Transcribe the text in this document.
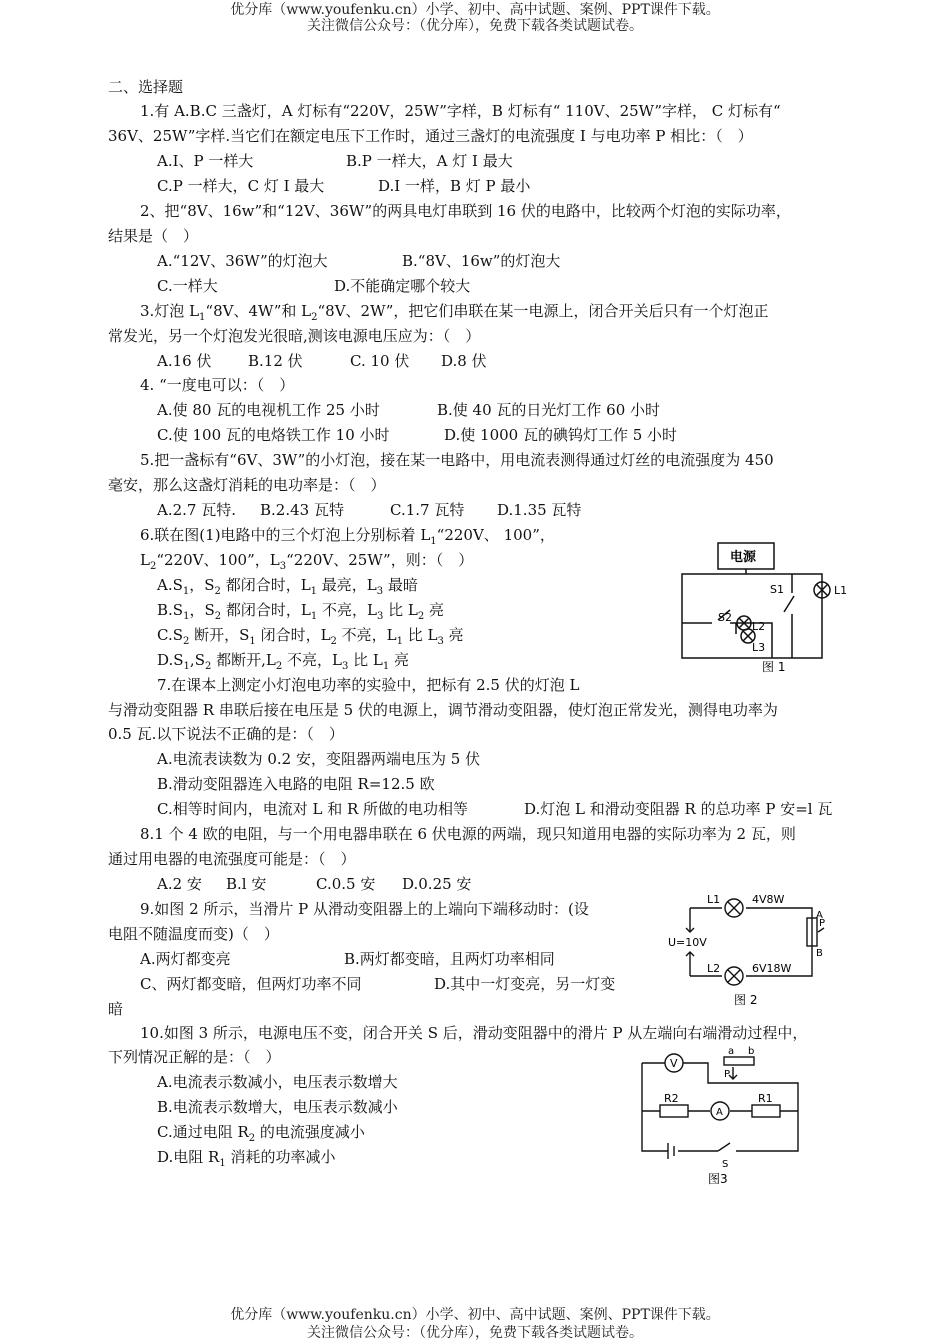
优分库（www.youfenku.cn）小学、初中、高中试题、案例、PPT课件下载。
关注微信公众号：（优分库），免费下载各类试题试卷。
二、选择题
1.有 A.B.C 三盏灯，A 灯标有“220V，25W”字样，B 灯标有“ 110V、25W”字样， C 灯标有“
36V、25W”字样.当它们在额定电压下工作时，通过三盏灯的电流强度 I 与电功率 P 相比：（　）
A.I、P 一样大	B.P 一样大，A 灯 I 最大
C.P 一样大，C 灯 I 最大	D.I 一样，B 灯 P 最小
2、把“8V、16w”和“12V、36W”的两具电灯串联到 16 伏的电路中，比较两个灯泡的实际功率，
结果是（　）
A.“12V、36W”的灯泡大	B.“8V、16w”的灯泡大
C.一样大	D.不能确定哪个较大
3.灯泡 $L_1“8V$、4W”和 $L_2“8V$、2W”，把它们串联在某一电源上，闭合开关后只有一个灯泡正
常发光，另一个灯泡发光很暗,测该电源电压应为：（　）
A.16 伏 B.12 伏	C. 10 伏 D.8 伏
4. “一度电可以：（　）
A.使 80 瓦的电视机工作 25 小时	B.使 40 瓦的日光灯工作 60 小时
C.使 100 瓦的电烙铁工作 10 小时	D.使 1000 瓦的碘钨灯工作 5 小时
5.把一盏标有“6V、3W”的小灯泡，接在某一电路中，用电流表测得通过灯丝的电流强度为 450
毫安，那么这盏灯消耗的电功率是：（　）
A.2.7 瓦特. B.2.43 瓦特	C.1.7 瓦特 D.1.35 瓦特
6.联在图(1)电路中的三个灯泡上分别标着 $L_1“220V$、 100”，
$L_2“220V$、100”，$L_3“220V$、25W”，则：（　）
$A.S_1$，$S_2$ 都闭合时，$L_1$ 最亮，$L_3$ 最暗
$B.S_1$，$S_2$ 都闭合时，$L_1$ 不亮，$L_3$ 比 $L_2$ 亮
$C.S_2$ 断开，$S_1$ 闭合时，$L_2$ 不亮，$L_1$ 比 $L_3$ 亮
$D.S_1,S_2$ 都断开$,L_2$ 不亮，$L_3$ 比 $L_1$ 亮
电源
S1	L1
S2
L2
L3
图 1
7.在课本上测定小灯泡电功率的实验中，把标有 2.5 伏的灯泡 L
与滑动变阻器 R 串联后接在电压是 5 伏的电源上，调节滑动变阻器，使灯泡正常发光，测得电功率为
0.5 瓦.以下说法不正确的是：（　）
A.电流表读数为 0.2 安，变阻器两端电压为 5 伏
B.滑动变阻器连入电路的电阻 R=12.5 欧
C.相等时间内，电流对 L 和 R 所做的电功相等	D.灯泡 L 和滑动变阻器 R 的总功率 P 安=l 瓦
8.1 个 4 欧的电阻，与一个用电器串联在 6 伏电源的两端，现只知道用电器的实际功率为 2 瓦，则
通过用电器的电流强度可能是：（　）
A.2 安 B.l 安	C.0.5 安 D.0.25 安
9.如图 2 所示，当滑片 P 从滑动变阻器上的上端向下端移动时：(设
电阻不随温度而变)（　）
A.两灯都变亮	B.两灯都变暗，且两灯功率相同
C、两灯都变暗，但两灯功率不同	D.其中一灯变亮，另一灯变
暗
L1	4V8W
P
A
B
U=10V
L2	6V18W
图 2
10.如图 3 所示，电源电压不变，闭合开关 S 后，滑动变阻器中的滑片 P 从左端向右端滑动过程中，
下列情况正解的是：（　）
A.电流表示数减小，电压表示数增大
B.电流表示数增大，电压表示数减小
C.通过电阻 $R_2$ 的电流强度减小
D.电阻 $R_1$ 消耗的功率减小
V
a b
P
R2
A
R1
S
图3
优分库（www.youfenku.cn）小学、初中、高中试题、案例、PPT课件下载。
关注微信公众号：（优分库），免费下载各类试题试卷。
